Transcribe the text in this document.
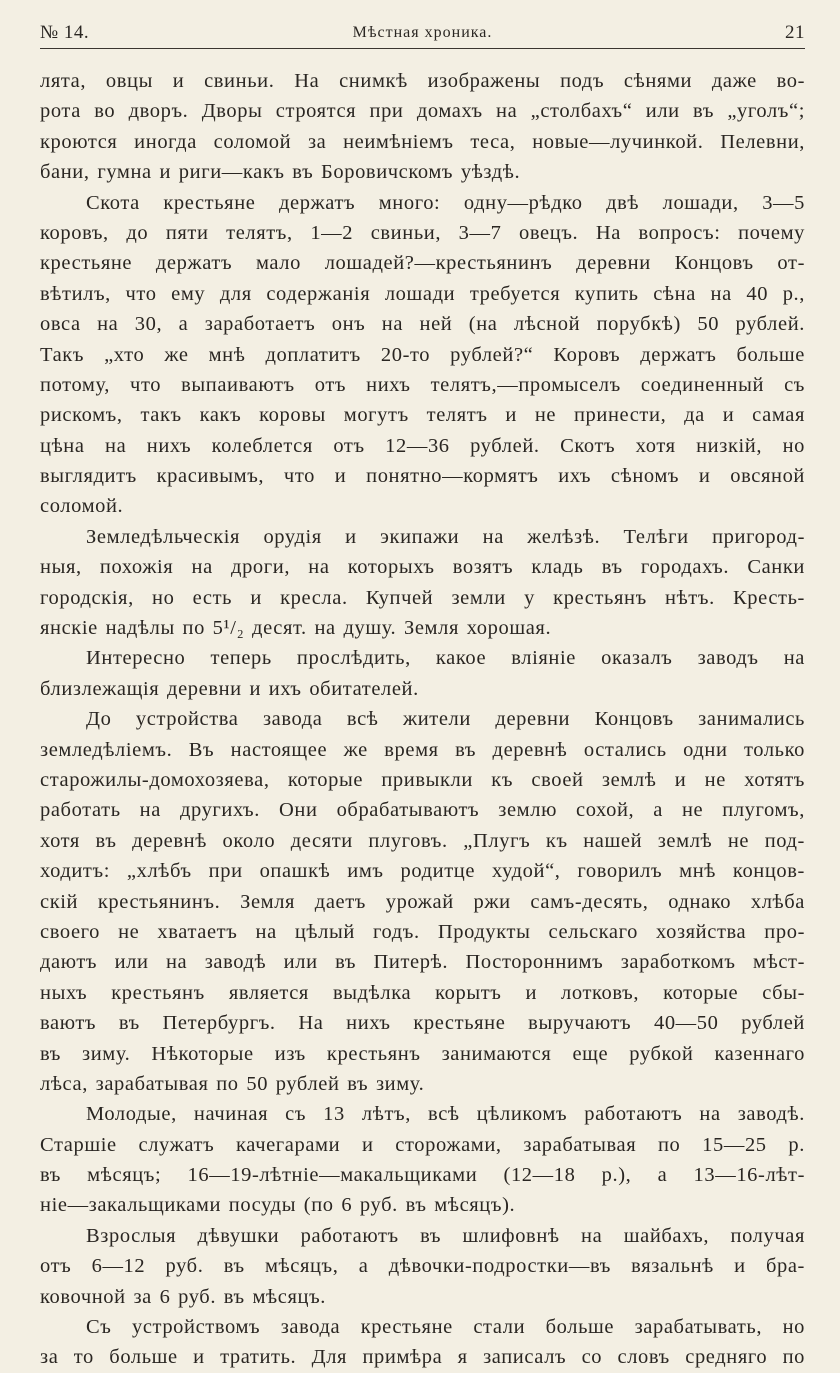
№ 14.	Мѣстная хроника.	21
лята, овцы и свиньи. На снимкѣ изображены подъ сѣнями даже во-
рота во дворъ. Дворы строятся при домахъ на „столбахъ“ или въ „уголъ“;
кроются иногда соломой за неимѣніемъ теса, новые—лучинкой. Пелевни,
бани, гумна и риги—какъ въ Боровичскомъ уѣздѣ.
Скота крестьяне держатъ много: одну—рѣдко двѣ лошади, 3—5
коровъ, до пяти телятъ, 1—2 свиньи, 3—7 овецъ. На вопросъ: почему
крестьяне держатъ мало лошадей?—крестьянинъ деревни Концовъ от-
вѣтилъ, что ему для содержанія лошади требуется купить сѣна на 40 р.,
овса на 30, а заработаетъ онъ на ней (на лѣсной порубкѣ) 50 рублей.
Такъ „хто же мнѣ доплатитъ 20-то рублей?“ Коровъ держатъ больше
потому, что выпаиваютъ отъ нихъ телятъ,—промыселъ соединенный съ
рискомъ, такъ какъ коровы могутъ телятъ и не принести, да и самая
цѣна на нихъ колеблется отъ 12—36 рублей. Скотъ хотя низкій, но
выглядитъ красивымъ, что и понятно—кормятъ ихъ сѣномъ и овсяной
соломой.
Земледѣльческія орудія и экипажи на желѣзѣ. Телѣги пригород-
ныя, похожія на дроги, на которыхъ возятъ кладь въ городахъ. Санки
городскія, но есть и кресла. Купчей земли у крестьянъ нѣтъ. Кресть-
янскіе надѣлы по 5¹/₂ десят. на душу. Земля хорошая.
Интересно теперь прослѣдить, какое вліяніе оказалъ заводъ на
близлежащія деревни и ихъ обитателей.
До устройства завода всѣ жители деревни Концовъ занимались
земледѣліемъ. Въ настоящее же время въ деревнѣ остались одни только
старожилы-домохозяева, которые привыкли къ своей землѣ и не хотятъ
работать на другихъ. Они обрабатываютъ землю сохой, а не плугомъ,
хотя въ деревнѣ около десяти плуговъ. „Плугъ къ нашей землѣ не под-
ходитъ: „хлѣбъ при опашкѣ имъ родитце худой“, говорилъ мнѣ концов-
скій крестьянинъ. Земля даетъ урожай ржи самъ-десять, однако хлѣба
своего не хватаетъ на цѣлый годъ. Продукты сельскаго хозяйства про-
даютъ или на заводѣ или въ Питерѣ. Постороннимъ заработкомъ мѣст-
ныхъ крестьянъ является выдѣлка корытъ и лотковъ, которые сбы-
ваютъ въ Петербургъ. На нихъ крестьяне выручаютъ 40—50 рублей
въ зиму. Нѣкоторые изъ крестьянъ занимаются еще рубкой казеннаго
лѣса, зарабатывая по 50 рублей въ зиму.
Молодые, начиная съ 13 лѣтъ, всѣ цѣликомъ работаютъ на заводѣ.
Старшіе служатъ качегарами и сторожами, зарабатывая по 15—25 р.
въ мѣсяцъ; 16—19-лѣтніе—макальщиками (12—18 р.), а 13—16-лѣт-
ніе—закальщиками посуды (по 6 руб. въ мѣсяцъ).
Взрослыя дѣвушки работаютъ въ шлифовнѣ на шайбахъ, получая
отъ 6—12 руб. въ мѣсяцъ, а дѣвочки-подростки—въ вязальнѣ и бра-
ковочной за 6 руб. въ мѣсяцъ.
Съ устройствомъ завода крестьяне стали больше зарабатывать, но
за то больше и тратить. Для примѣра я записалъ со словъ средняго по
